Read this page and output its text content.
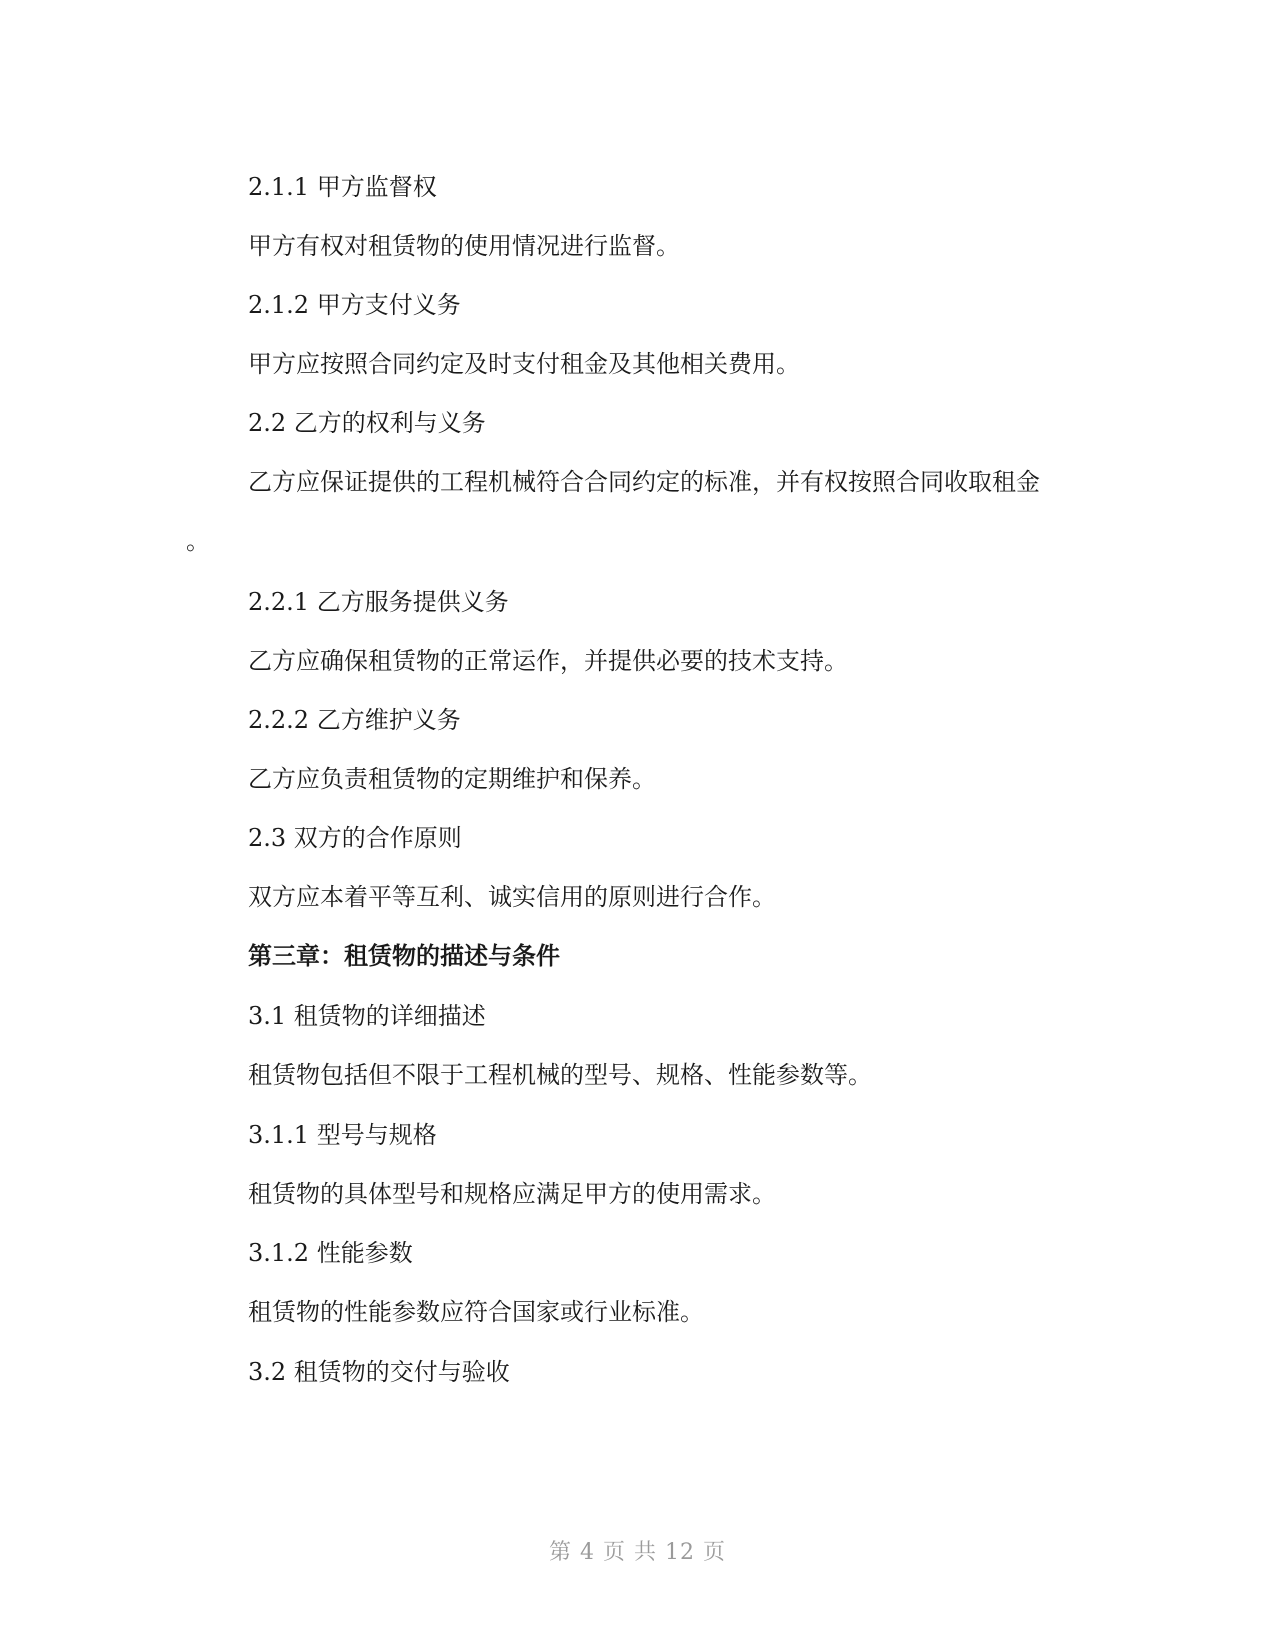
2.1.1 甲方监督权
甲方有权对租赁物的使用情况进行监督。
2.1.2 甲方支付义务
甲方应按照合同约定及时支付租金及其他相关费用。
2.2 乙方的权利与义务
乙方应保证提供的工程机械符合合同约定的标准，并有权按照合同收取租金
。
2.2.1 乙方服务提供义务
乙方应确保租赁物的正常运作，并提供必要的技术支持。
2.2.2 乙方维护义务
乙方应负责租赁物的定期维护和保养。
2.3 双方的合作原则
双方应本着平等互利、诚实信用的原则进行合作。
第三章：租赁物的描述与条件
3.1 租赁物的详细描述
租赁物包括但不限于工程机械的型号、规格、性能参数等。
3.1.1 型号与规格
租赁物的具体型号和规格应满足甲方的使用需求。
3.1.2 性能参数
租赁物的性能参数应符合国家或行业标准。
3.2 租赁物的交付与验收
第 4 页 共 12 页
